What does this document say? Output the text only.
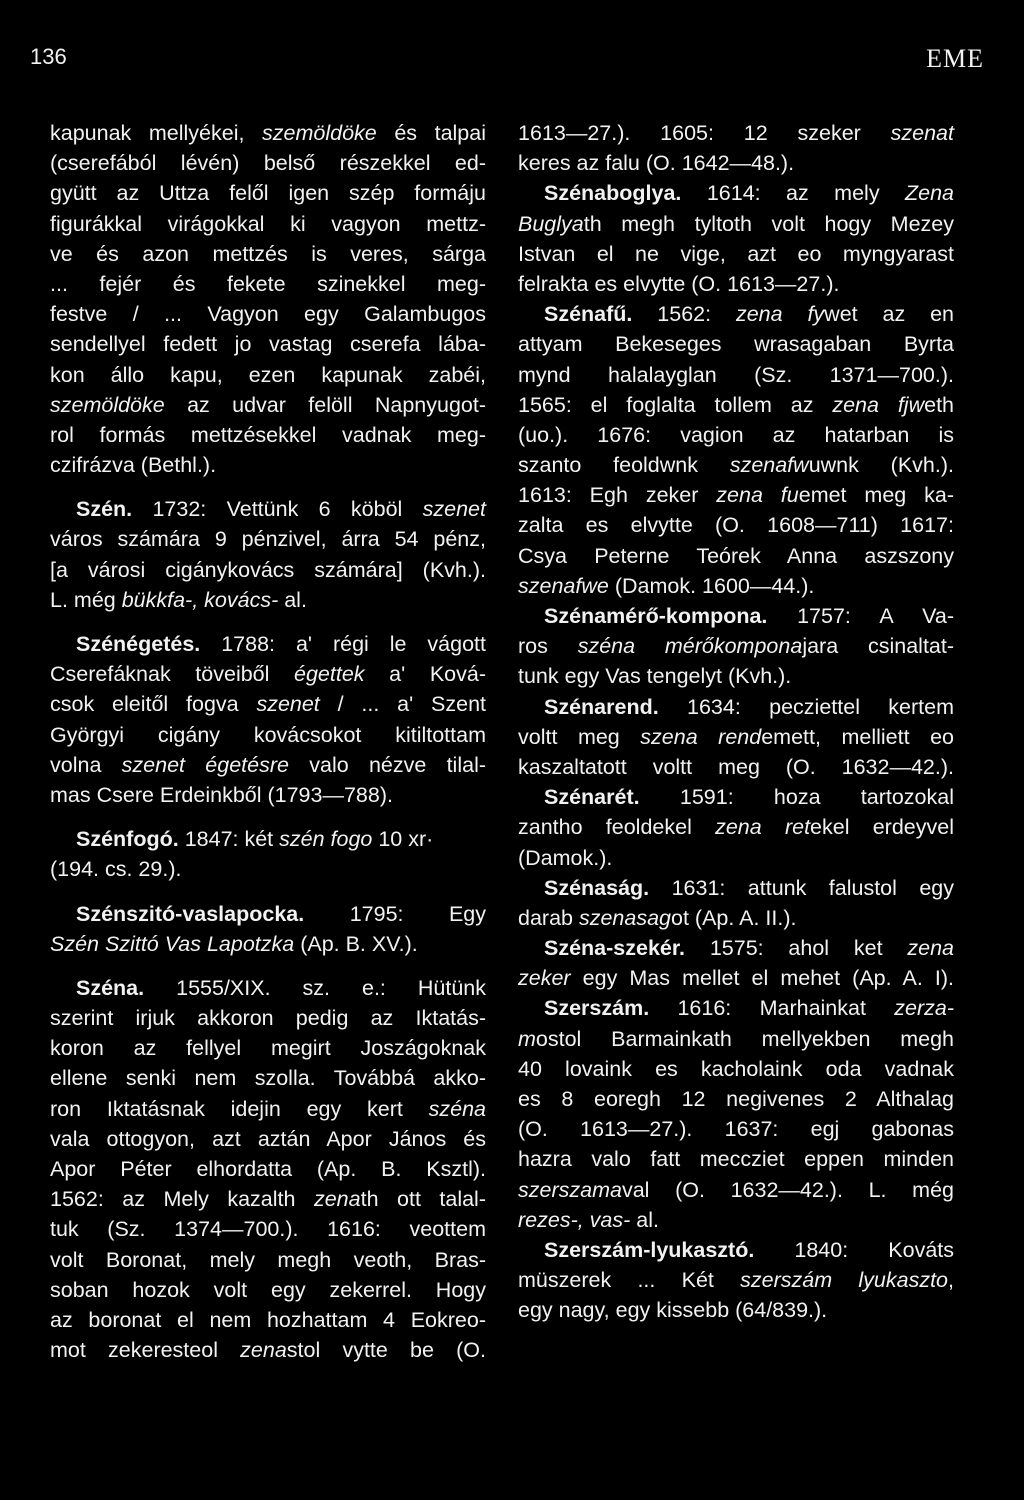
136	EME
kapunak mellyékei, szemöldöke és talpai
(cserefából lévén) belső részekkel ed-
gyütt az Uttza felől igen szép formáju
figurákkal virágokkal ki vagyon mettz-
ve és azon mettzés is veres, sárga
... fejér és fekete szinekkel meg-
festve / ... Vagyon egy Galambugos
sendellyel fedett jo vastag cserefa lába-
kon állo kapu, ezen kapunak zabéi,
szemöldöke az udvar felöll Napnyugot-
rol formás mettzésekkel vadnak meg-
czifrázva (Bethl.).
Szén. 1732: Vettünk 6 köböl szenet
város számára 9 pénzivel, árra 54 pénz,
[a városi cigánykovács számára] (Kvh.).
L. még bükkfa-, kovács- al.
Szénégetés. 1788: a' régi le vágott
Cserefáknak töveiből égettek a' Ková-
csok eleitől fogva szenet / ... a' Szent
Györgyi cigány kovácsokot kitiltottam
volna szenet égetésre valo nézve tilal-
mas Csere Erdeinkből (1793—788).
Szénfogó. 1847: két szén fogo 10 xr·
(194. cs. 29.).
Szénszitó-vaslapocka. 1795: Egy
Szén Szittó Vas Lapotzka (Ap. B. XV.).
Széna. 1555/XIX. sz. e.: Hütünk
szerint irjuk akkoron pedig az Iktatás-
koron az fellyel megirt Joszágoknak
ellene senki nem szolla. Továbbá akko-
ron Iktatásnak idejin egy kert széna
vala ottogyon, azt aztán Apor János és
Apor Péter elhordatta (Ap. B. Ksztl).
1562: az Mely kazalth zenath ott talal-
tuk (Sz. 1374—700.). 1616: veottem
volt Boronat, mely megh veoth, Bras-
soban hozok volt egy zekerrel. Hogy
az boronat el nem hozhattam 4 Eokreo-
mot zekeresteol zenastol vytte be (O.
1613—27.). 1605: 12 szeker szenat
keres az falu (O. 1642—48.).
Szénaboglya. 1614: az mely Zena
Buglyath megh tyltoth volt hogy Mezey
Istvan el ne vige, azt eo myngyarast
felrakta es elvytte (O. 1613—27.).
Szénafű. 1562: zena fywet az en
attyam Bekeseges wrasagaban Byrta
mynd halalayglan (Sz. 1371—700.).
1565: el foglalta tollem az zena fjweth
(uo.). 1676: vagion az hatarban is
szanto feoldwnk szenafwuwnk (Kvh.).
1613: Egh zeker zena fuemet meg ka-
zalta es elvytte (O. 1608—711) 1617:
Csya Peterne Teórek Anna aszszony
szenafwe (Damok. 1600—44.).
Szénamérő-kompona. 1757: A Va-
ros széna mérőkomponajara csinaltat-
tunk egy Vas tengelyt (Kvh.).
Szénarend. 1634: pecziettel kertem
voltt meg szena rendemett, melliett eo
kaszaltatott voltt meg (O. 1632—42.).
Szénarét. 1591: hoza tartozokal
zantho feoldekel zena retekel erdeyvel
(Damok.).
Szénaság. 1631: attunk falustol egy
darab szenasagot (Ap. A. II.).
Széna-szekér. 1575: ahol ket zena
zeker egy Mas mellet el mehet (Ap. A. I).
Szerszám. 1616: Marhainkat zerza-
mostol Barmainkath mellyekben megh
40 lovaink es kacholaink oda vadnak
es 8 eoregh 12 negivenes 2 Althalag
(O. 1613—27.). 1637: egj gabonas
hazra valo fatt meccziet eppen minden
szerszamaval (O. 1632—42.). L. még
rezes-, vas- al.
Szerszám-lyukasztó. 1840: Kováts
müszerek ... Két szerszám lyukaszto,
egy nagy, egy kissebb (64/839.).
